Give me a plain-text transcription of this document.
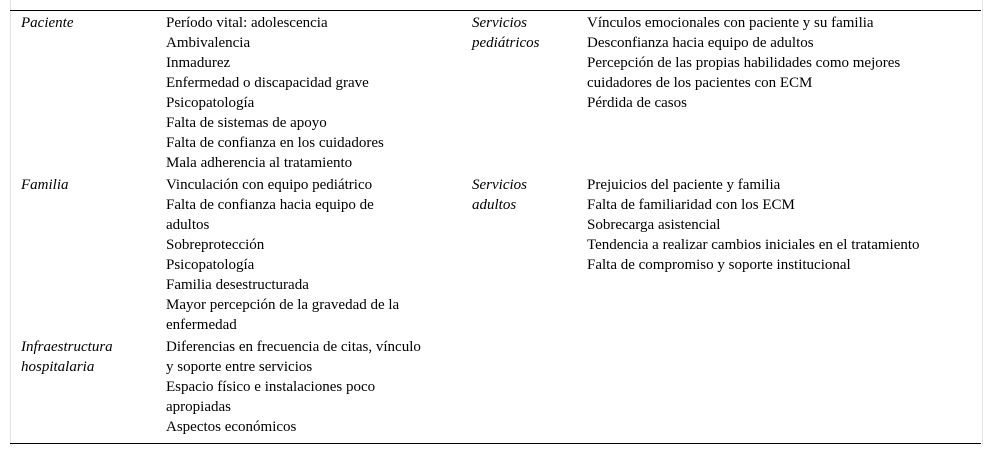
Paciente	Período vital: adolescencia
Ambivalencia
Inmadurez
Enfermedad o discapacidad grave
Psicopatología
Falta de sistemas de apoyo
Falta de confianza en los cuidadores
Mala adherencia al tratamiento
Servicios
pediátricos
Vínculos emocionales con paciente y su familia
Desconfianza hacia equipo de adultos
Percepción de las propias habilidades como mejores
cuidadores de los pacientes con ECM
Pérdida de casos
Familia	Vinculación con equipo pediátrico
Falta de confianza hacia equipo de
adultos
Sobreprotección
Psicopatología
Familia desestructurada
Mayor percepción de la gravedad de la
enfermedad
Servicios
adultos
Prejuicios del paciente y familia
Falta de familiaridad con los ECM
Sobrecarga asistencial
Tendencia a realizar cambios iniciales en el tratamiento
Falta de compromiso y soporte institucional
Infraestructura
hospitalaria
Diferencias en frecuencia de citas, vínculo
y soporte entre servicios
Espacio físico e instalaciones poco
apropiadas
Aspectos económicos
